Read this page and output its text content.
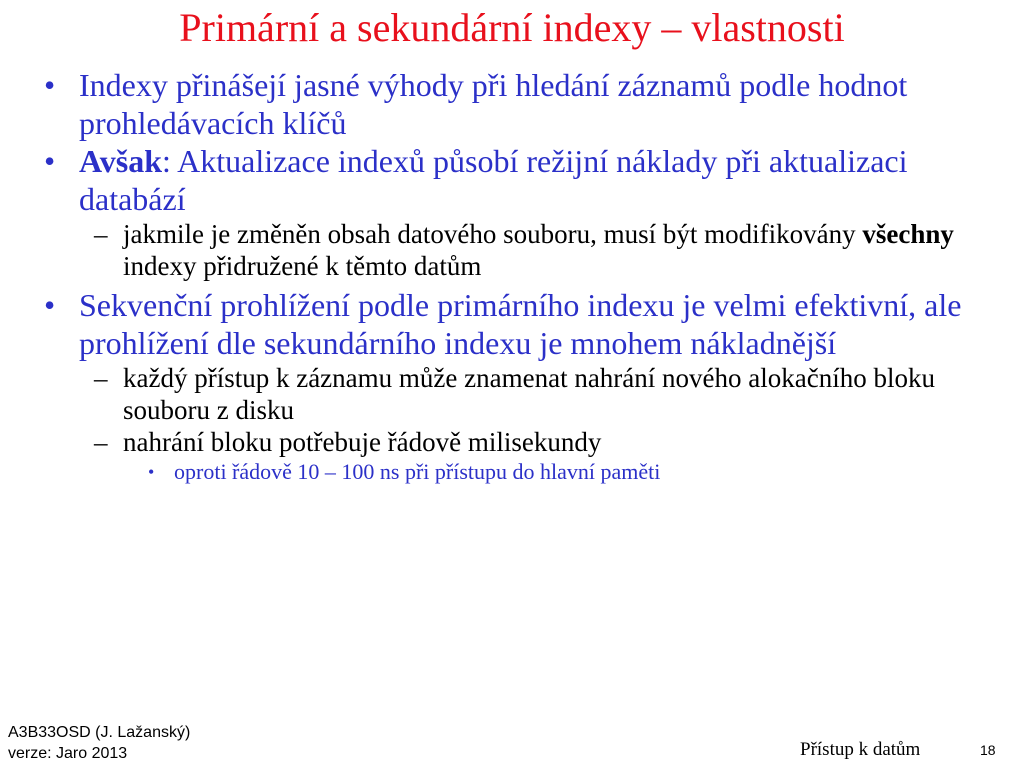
Primární a sekundární indexy – vlastnosti
• Indexy přinášejí jasné výhody při hledání záznamů podle hodnot prohledávacích klíčů
• Avšak: Aktualizace indexů působí režijní náklady při aktualizaci databází
– jakmile je změněn obsah datového souboru, musí být modifikovány všechny indexy přidružené k těmto datům
• Sekvenční prohlížení podle primárního indexu je velmi efektivní, ale prohlížení dle sekundárního indexu je mnohem nákladnější
– každý přístup k záznamu může znamenat nahrání nového alokačního bloku souboru z disku
– nahrání bloku potřebuje řádově milisekundy
• oproti řádově 10 – 100 ns při přístupu do hlavní paměti
A3B33OSD (J. Lažanský)
verze: Jaro 2013	Přístup k datům	18
